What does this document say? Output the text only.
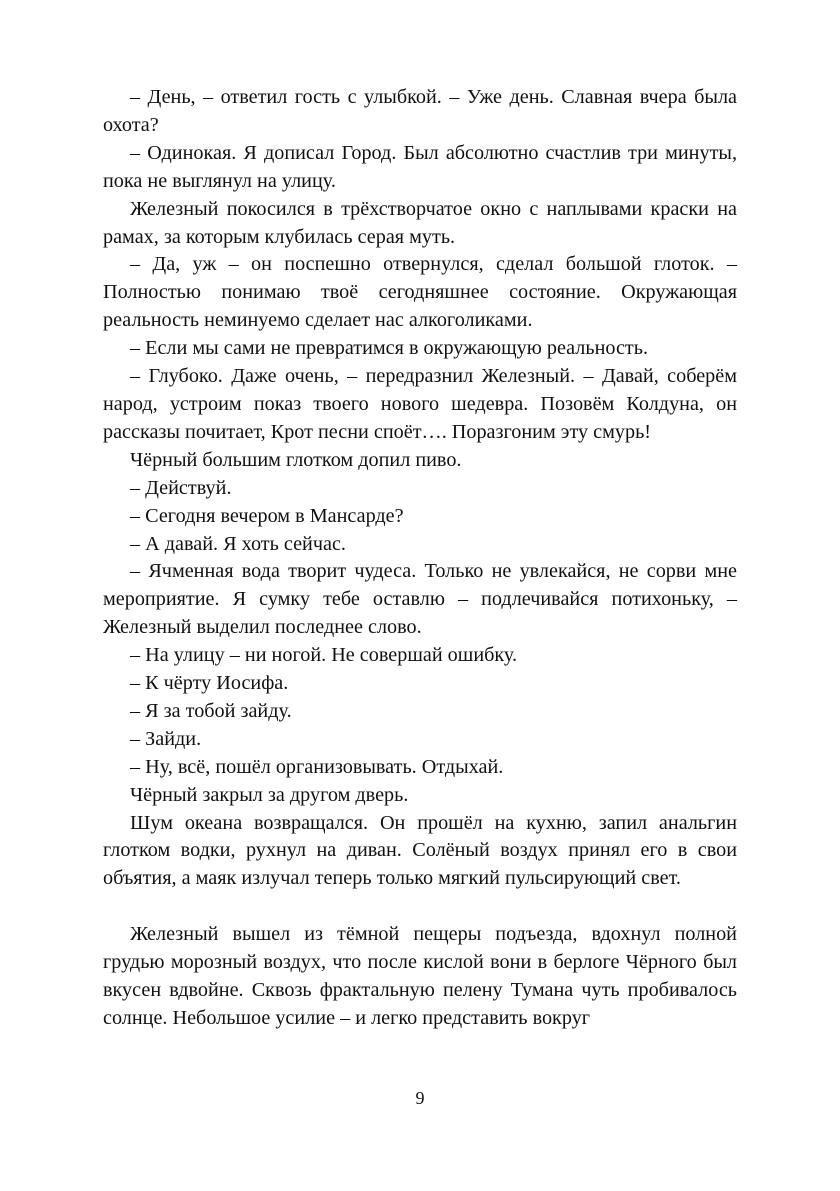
– День, – ответил гость с улыбкой. – Уже день. Славная вчера была охота?

– Одинокая. Я дописал Город. Был абсолютно счастлив три минуты, пока не выглянул на улицу.

Железный покосился в трёхстворчатое окно с наплывами краски на рамах, за которым клубилась серая муть.

– Да, уж – он поспешно отвернулся, сделал большой глоток. – Полностью понимаю твоё сегодняшнее состояние. Окружающая реальность неминуемо сделает нас алкоголиками.

– Если мы сами не превратимся в окружающую реальность.

– Глубоко. Даже очень, – передразнил Железный. – Давай, соберём народ, устроим показ твоего нового шедевра. Позовём Колдуна, он рассказы почитает, Крот песни споёт…. Поразгоним эту смурь!

Чёрный большим глотком допил пиво.

– Действуй.

– Сегодня вечером в Мансарде?

– А давай. Я хоть сейчас.

– Ячменная вода творит чудеса. Только не увлекайся, не сорви мне мероприятие. Я сумку тебе оставлю – подлечивайся потихоньку, – Железный выделил последнее слово.

– На улицу – ни ногой. Не совершай ошибку.

– К чёрту Иосифа.

– Я за тобой зайду.

– Зайди.

– Ну, всё, пошёл организовывать. Отдыхай.

Чёрный закрыл за другом дверь.

Шум океана возвращался. Он прошёл на кухню, запил анальгин глотком водки, рухнул на диван. Солёный воздух принял его в свои объятия, а маяк излучал теперь только мягкий пульсирующий свет.

Железный вышел из тёмной пещеры подъезда, вдохнул полной грудью морозный воздух, что после кислой вони в берлоге Чёрного был вкусен вдвойне. Сквозь фрактальную пелену Тумана чуть пробивалось солнце. Небольшое усилие – и легко представить вокруг

9
